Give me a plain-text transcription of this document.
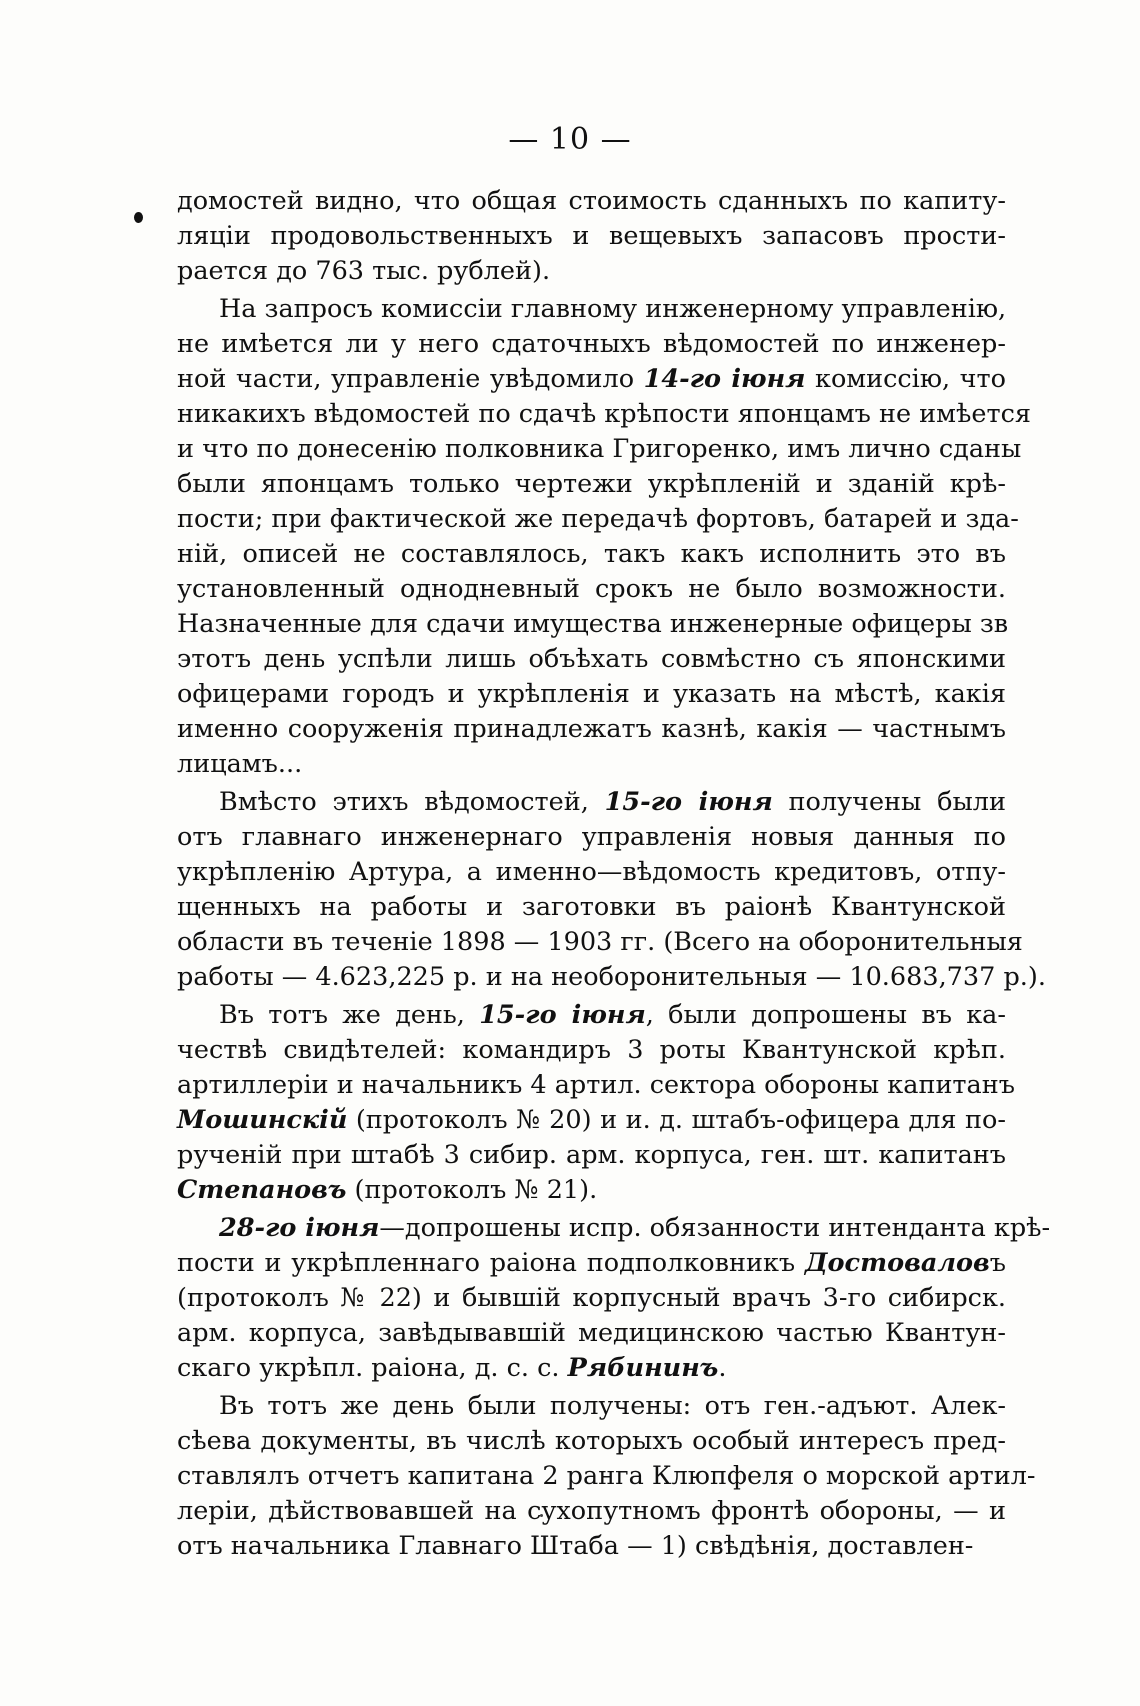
— 10 —
домостей видно, что общая стоимость сданныхъ по капиту-
ляціи продовольственныхъ и вещевыхъ запасовъ прости-
рается до 763 тыс. рублей).
На запросъ комиссіи главному инженерному управленію,
не имѣется ли у него сдаточныхъ вѣдомостей по инженер-
ной части, управленіе увѣдомило 14-го іюня комиссію, что
никакихъ вѣдомостей по сдачѣ крѣпости японцамъ не имѣется
и что по донесенію полковника Григоренко, имъ лично сданы
были японцамъ только чертежи укрѣпленій и зданій крѣ-
пости; при фактической же передачѣ фортовъ, батарей и зда-
ній, описей не составлялось, такъ какъ исполнить это въ
установленный однодневный срокъ не было возможности.
Назначенные для сдачи имущества инженерные офицеры зв
этотъ день успѣли лишь объѣхать совмѣстно съ японскими
офицерами городъ и укрѣпленія и указать на мѣстѣ, какія
именно сооруженія принадлежатъ казнѣ, какія — частнымъ
лицамъ...
Вмѣсто этихъ вѣдомостей, 15-го іюня получены были
отъ главнаго инженернаго управленія новыя данныя по
укрѣпленію Артура, а именно—вѣдомость кредитовъ, отпу-
щенныхъ на работы и заготовки въ раіонѣ Квантунской
области въ теченіе 1898 — 1903 гг. (Всего на оборонительныя
работы — 4.623,225 р. и на необоронительныя — 10.683,737 р.).
Въ тотъ же день, 15-го іюня, были допрошены въ ка-
чествѣ свидѣтелей: командиръ 3 роты Квантунской крѣп.
артиллеріи и начальникъ 4 артил. сектора обороны капитанъ
Мошинскій (протоколъ № 20) и и. д. штабъ-офицера для по-
рученій при штабѣ 3 сибир. арм. корпуса, ген. шт. капитанъ
Степановъ (протоколъ № 21).
28-го іюня—допрошены испр. обязанности интенданта крѣ-
пости и укрѣпленнаго раіона подполковникъ Достоваловъ
(протоколъ № 22) и бывшій корпусный врачъ 3-го сибирск.
арм. корпуса, завѣдывавшій медицинскою частью Квантун-
скаго укрѣпл. раіона, д. с. с. Рябининъ.
Въ тотъ же день были получены: отъ ген.-адъют. Алек-
сѣева документы, въ числѣ которыхъ особый интересъ пред-
ставлялъ отчетъ капитана 2 ранга Клюпфеля о морской артил-
леріи, дѣйствовавшей на сухопутномъ фронтѣ обороны, — и
отъ начальника Главнаго Штаба — 1) свѣдѣнія, доставлен-
